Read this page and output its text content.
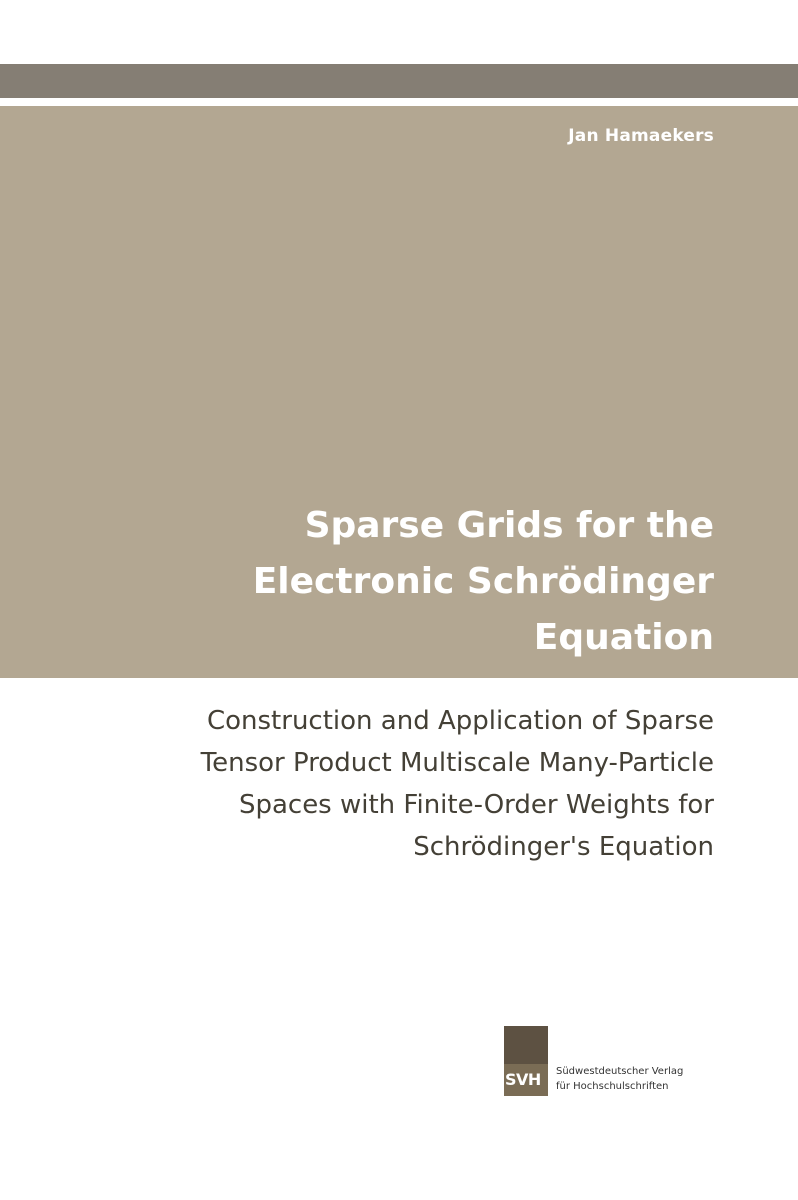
Jan Hamaekers
Sparse Grids for the
Electronic Schrödinger
Equation
Construction and Application of Sparse
Tensor Product Multiscale Many-Particle
Spaces with Finite-Order Weights for
Schrödinger's Equation
SVH Südwestdeutscher Verlag
für Hochschulschriften
